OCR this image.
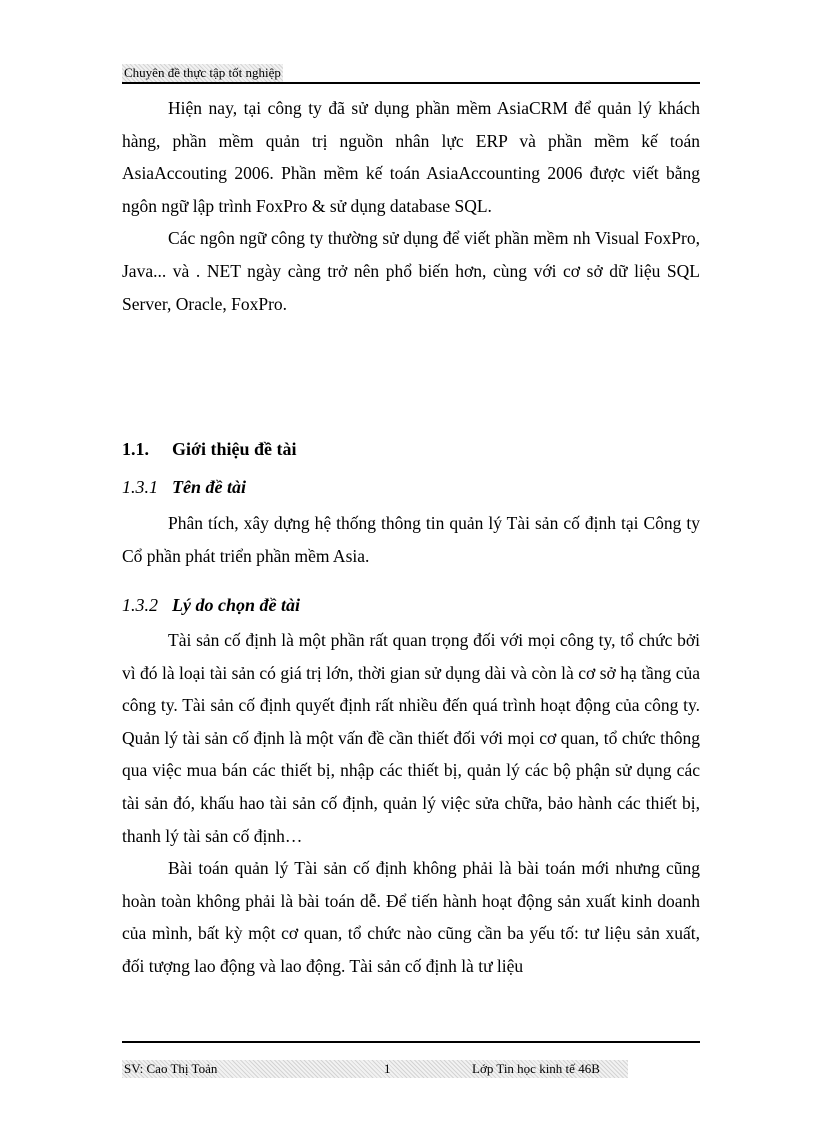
Chuyên đề thực tập tốt nghiệp

Hiện nay, tại công ty đã sử dụng phần mềm AsiaCRM để quản lý khách hàng, phần mềm quản trị nguồn nhân lực ERP và phần mềm kế toán AsiaAccouting 2006. Phần mềm kế toán AsiaAccounting 2006 được viết bằng ngôn ngữ lập trình FoxPro & sử dụng database SQL.

Các ngôn ngữ công ty thường sử dụng để viết phần mềm nh Visual FoxPro, Java... và . NET ngày càng trở nên phổ biến hơn, cùng với cơ sở dữ liệu SQL Server, Oracle, FoxPro.

1.1. Giới thiệu đề tài
1.3.1 Tên đề tài

Phân tích, xây dựng hệ thống thông tin quản lý Tài sản cố định tại Công ty Cổ phần phát triển phần mềm Asia.

1.3.2 Lý do chọn đề tài

Tài sản cố định là một phần rất quan trọng đối với mọi công ty, tổ chức bởi vì đó là loại tài sản có giá trị lớn, thời gian sử dụng dài và còn là cơ sở hạ tầng của công ty. Tài sản cố định quyết định rất nhiều đến quá trình hoạt động của công ty. Quản lý tài sản cố định là một vấn đề cần thiết đối với mọi cơ quan, tổ chức thông qua việc mua bán các thiết bị, nhập các thiết bị, quản lý các bộ phận sử dụng các tài sản đó, khấu hao tài sản cố định, quản lý việc sửa chữa, bảo hành các thiết bị, thanh lý tài sản cố định…

Bài toán quản lý Tài sản cố định không phải là bài toán mới nhưng cũng hoàn toàn không phải là bài toán dễ. Để tiến hành hoạt động sản xuất kinh doanh của mình, bất kỳ một cơ quan, tổ chức nào cũng cần ba yếu tố: tư liệu sản xuất, đối tượng lao động và lao động. Tài sản cố định là tư liệu

SV: Cao Thị Toản	1	Lớp Tin học kinh tế 46B
